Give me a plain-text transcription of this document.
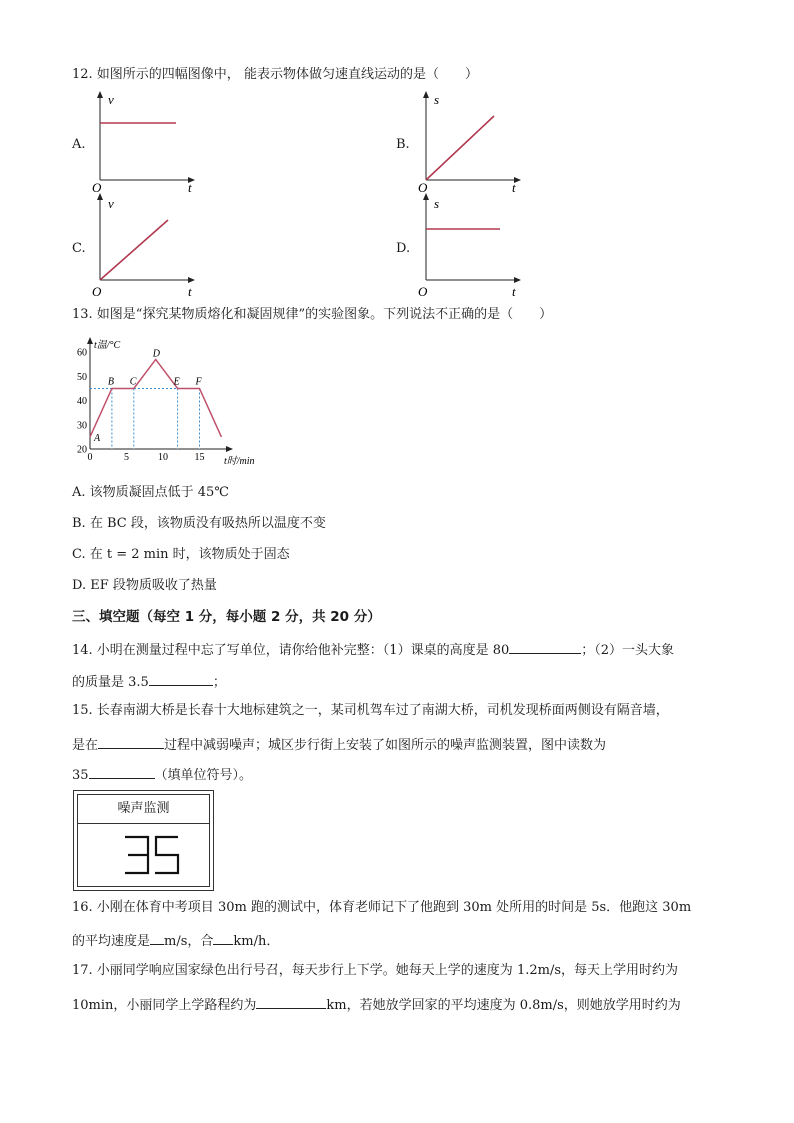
12. 如图所示的四幅图像中， 能表示物体做匀速直线运动的是（　　）
A.	B.
C.	D.
v
t
O
s
t
O
v
t
O
s
t
O
13. 如图是“探究某物质熔化和凝固规律”的实验图象。下列说法不正确的是（　　）
20
30
40
50
60
0	5	10	15
A
B C
D
E F
t温/°C
t时/min
A. 该物质凝固点低于 45℃
B. 在 BC 段，该物质没有吸热所以温度不变
C. 在 t = 2 min 时，该物质处于固态
D. EF 段物质吸收了热量
三、填空题（每空 1 分，每小题 2 分，共 20 分）
14. 小明在测量过程中忘了写单位，请你给他补完整：（1）课桌的高度是 80	；（2）一头大象
的质量是 3.5	；
15. 长春南湖大桥是长春十大地标建筑之一，某司机驾车过了南湖大桥，司机发现桥面两侧设有隔音墙，
是在	过程中减弱噪声；城区步行街上安装了如图所示的噪声监测装置，图中读数为
35	（填单位符号）。
噪声监测
16. 小刚在体育中考项目 30m 跑的测试中，体育老师记下了他跑到 30m 处所用的时间是 5s．他跑这 30m
的平均速度是 m/s，合 km/h．
17. 小丽同学响应国家绿色出行号召，每天步行上下学。她每天上学的速度为 1.2m/s，每天上学用时约为
10min，小丽同学上学路程约为	km，若她放学回家的平均速度为 0.8m/s，则她放学用时约为
